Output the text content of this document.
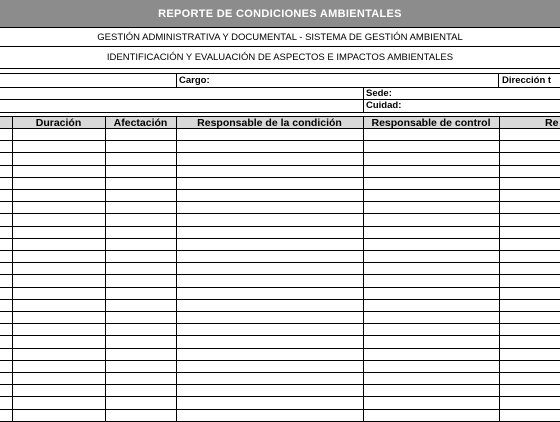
REPORTE DE CONDICIONES AMBIENTALES
GESTIÓN ADMINISTRATIVA Y DOCUMENTAL - SISTEMA DE GESTIÓN AMBIENTAL
IDENTIFICACIÓN Y EVALUACIÓN DE ASPECTOS E IMPACTOS AMBIENTALES
Cargo:	Dirección t
Sede:
Cuidad:
Duración	Afectación	Responsable de la condición	Responsable de control	Re
